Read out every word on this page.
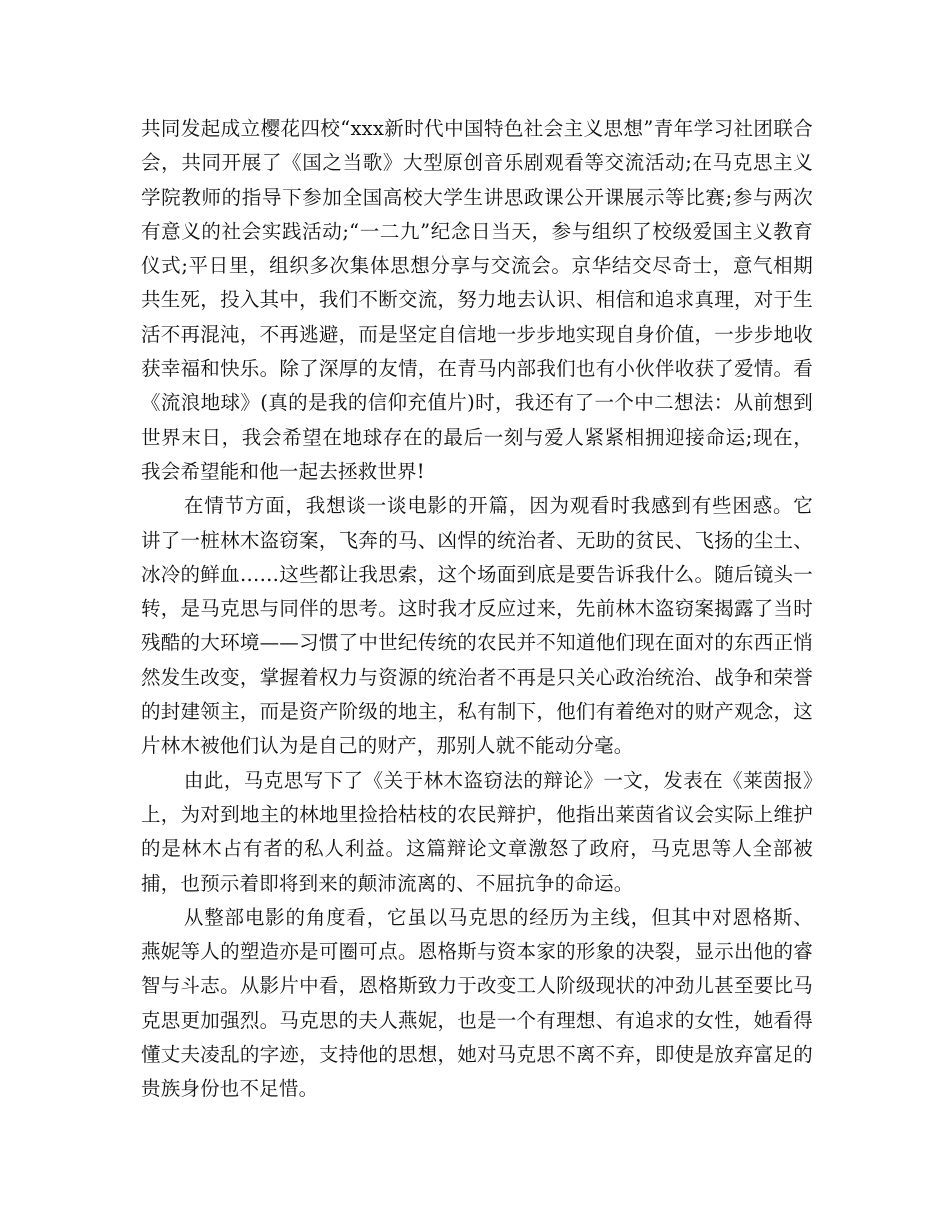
共同发起成立樱花四校“xxx新时代中国特色社会主义思想”青年学习社团联合会，共同开展了《国之当歌》大型原创音乐剧观看等交流活动;在马克思主义学院教师的指导下参加全国高校大学生讲思政课公开课展示等比赛;参与两次有意义的社会实践活动;“一二九”纪念日当天，参与组织了校级爱国主义教育仪式;平日里，组织多次集体思想分享与交流会。京华结交尽奇士，意气相期共生死，投入其中，我们不断交流，努力地去认识、相信和追求真理，对于生活不再混沌，不再逃避，而是坚定自信地一步步地实现自身价值，一步步地收获幸福和快乐。除了深厚的友情，在青马内部我们也有小伙伴收获了爱情。看《流浪地球》(真的是我的信仰充值片)时，我还有了一个中二想法：从前想到世界末日，我会希望在地球存在的最后一刻与爱人紧紧相拥迎接命运;现在，我会希望能和他一起去拯救世界!

在情节方面，我想谈一谈电影的开篇，因为观看时我感到有些困惑。它讲了一桩林木盗窃案，飞奔的马、凶悍的统治者、无助的贫民、飞扬的尘土、冰冷的鲜血……这些都让我思索，这个场面到底是要告诉我什么。随后镜头一转，是马克思与同伴的思考。这时我才反应过来，先前林木盗窃案揭露了当时残酷的大环境——习惯了中世纪传统的农民并不知道他们现在面对的东西正悄然发生改变，掌握着权力与资源的统治者不再是只关心政治统治、战争和荣誉的封建领主，而是资产阶级的地主，私有制下，他们有着绝对的财产观念，这片林木被他们认为是自己的财产，那别人就不能动分毫。

由此，马克思写下了《关于林木盗窃法的辩论》一文，发表在《莱茵报》上，为对到地主的林地里捡拾枯枝的农民辩护，他指出莱茵省议会实际上维护的是林木占有者的私人利益。这篇辩论文章激怒了政府，马克思等人全部被捕，也预示着即将到来的颠沛流离的、不屈抗争的命运。

从整部电影的角度看，它虽以马克思的经历为主线，但其中对恩格斯、燕妮等人的塑造亦是可圈可点。恩格斯与资本家的形象的决裂，显示出他的睿智与斗志。从影片中看，恩格斯致力于改变工人阶级现状的冲劲儿甚至要比马克思更加强烈。马克思的夫人燕妮，也是一个有理想、有追求的女性，她看得懂丈夫凌乱的字迹，支持他的思想，她对马克思不离不弃，即使是放弃富足的贵族身份也不足惜。
